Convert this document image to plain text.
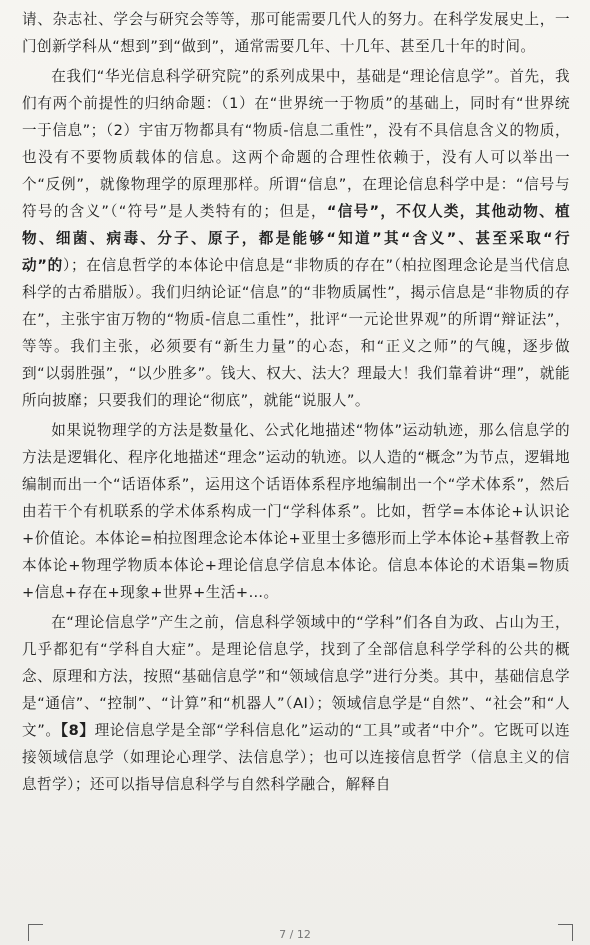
请、杂志社、学会与研究会等等，那可能需要几代人的努力。在科学发展史上，一门创新学科从“想到”到“做到”，通常需要几年、十几年、甚至几十年的时间。

在我们“华光信息科学研究院”的系列成果中，基础是“理论信息学”。首先，我们有两个前提性的归纳命题：（1）在“世界统一于物质”的基础上，同时有“世界统一于信息”；（2）宇宙万物都具有“物质-信息二重性”，没有不具信息含义的物质，也没有不要物质载体的信息。这两个命题的合理性依赖于，没有人可以举出一个“反例”，就像物理学的原理那样。所谓“信息”，在理论信息科学中是：“信号与符号的含义”（“符号”是人类特有的；但是，“信号”，不仅人类，其他动物、植物、细菌、病毒、分子、原子，都是能够“知道”其“含义”、甚至采取“行动”的）；在信息哲学的本体论中信息是“非物质的存在”（柏拉图理念论是当代信息科学的古希腊版）。我们归纳论证“信息”的“非物质属性”，揭示信息是“非物质的存在”，主张宇宙万物的“物质-信息二重性”，批评“一元论世界观”的所谓“辩证法”，等等。我们主张，必须要有“新生力量”的心态，和“正义之师”的气魄，逐步做到“以弱胜强”，“以少胜多”。钱大、权大、法大？理最大！我们靠着讲“理”，就能所向披靡；只要我们的理论“彻底”，就能“说服人”。

如果说物理学的方法是数量化、公式化地描述“物体”运动轨迹，那么信息学的方法是逻辑化、程序化地描述“理念”运动的轨迹。以人造的“概念”为节点，逻辑地编制而出一个“话语体系”，运用这个话语体系程序地编制出一个“学术体系”，然后由若干个有机联系的学术体系构成一门“学科体系”。比如，哲学=本体论+认识论+价值论。本体论=柏拉图理念论本体论+亚里士多德形而上学本体论+基督教上帝本体论+物理学物质本体论+理论信息学信息本体论。信息本体论的术语集=物质+信息+存在+现象+世界+生活+…。

在“理论信息学”产生之前，信息科学领域中的“学科”们各自为政、占山为王，几乎都犯有“学科自大症”。是理论信息学，找到了全部信息科学学科的公共的概念、原理和方法，按照“基础信息学”和“领域信息学”进行分类。其中，基础信息学是“通信”、“控制”、“计算”和“机器人”（AI）；领域信息学是“自然”、“社会”和“人文”。【8】理论信息学是全部“学科信息化”运动的“工具”或者“中介”。它既可以连接领域信息学（如理论心理学、法信息学）；也可以连接信息哲学（信息主义的信息哲学）；还可以指导信息科学与自然科学融合，解释自

7 / 12
